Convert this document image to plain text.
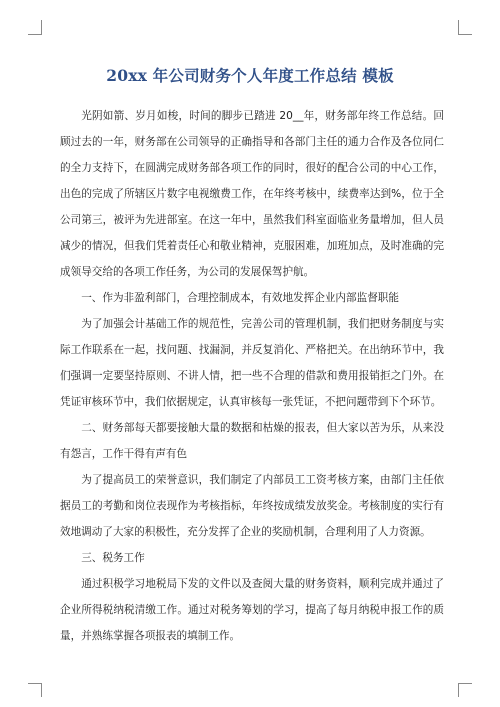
20xx 年公司财务个人年度工作总结 模板

光阴如箭、岁月如梭，时间的脚步已踏进 20__年，财务部年终工作总结。回顾过去的一年，财务部在公司领导的正确指导和各部门主任的通力合作及各位同仁的全力支持下，在圆满完成财务部各项工作的同时，很好的配合公司的中心工作，出色的完成了所辖区片数字电视缴费工作，在年终考核中，续费率达到%，位于全公司第三，被评为先进部室。在这一年中，虽然我们科室面临业务量增加，但人员减少的情况，但我们凭着责任心和敬业精神，克服困难，加班加点，及时准确的完成领导交给的各项工作任务，为公司的发展保驾护航。

一、作为非盈利部门，合理控制成本，有效地发挥企业内部监督职能

为了加强会计基础工作的规范性，完善公司的管理机制，我们把财务制度与实际工作联系在一起，找问题、找漏洞，并反复消化、严格把关。在出纳环节中，我们强调一定要坚持原则、不讲人情，把一些不合理的借款和费用报销拒之门外。在凭证审核环节中，我们依据规定，认真审核每一张凭证，不把问题带到下个环节。

二、财务部每天都要接触大量的数据和枯燥的报表，但大家以苦为乐，从来没有怨言，工作干得有声有色

为了提高员工的荣誉意识，我们制定了内部员工工资考核方案，由部门主任依据员工的考勤和岗位表现作为考核指标，年终按成绩发放奖金。考核制度的实行有效地调动了大家的积极性，充分发挥了企业的奖励机制，合理利用了人力资源。

三、税务工作

通过积极学习地税局下发的文件以及查阅大量的财务资料，顺利完成并通过了企业所得税纳税清缴工作。通过对税务筹划的学习，提高了每月纳税申报工作的质量，并熟练掌握各项报表的填制工作。
